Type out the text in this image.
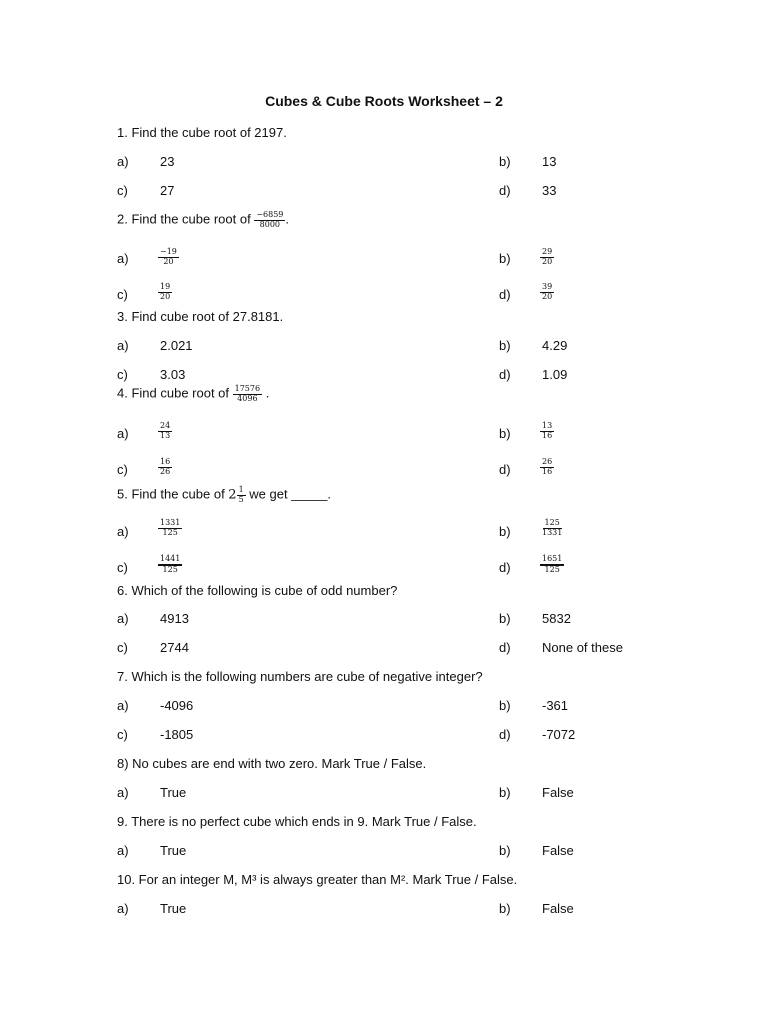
Cubes & Cube Roots Worksheet – 2
1. Find the cube root of 2197.
a) 23	b) 13
c) 27	d) 33
2. Find the cube root of $\frac{-6859}{8000}$ .
a)	$\frac{-19}{20}$	b)	$\frac{29}{20}$
c)	$\frac{19}{20}$	d)	$\frac{39}{20}$
3. Find cube root of 27.8181.
a) 2.021	b) 4.29
c) 3.03	d) 1.09
4. Find cube root of $\frac{17576}{4096}$ .
a)	$\frac{24}{13}$	b)	$\frac{13}{16}$
c)	$\frac{16}{26}$	d)	$\frac{26}{16}$
5. Find the cube of $2 \frac{1}{5}$ we get _____.
a)	$\frac{1331}{125}$	b)	$\frac{125}{1331}$
c)	$\frac{1441}{125}$	d)	$\frac{1651}{125}$
6. Which of the following is cube of odd number?
a) 4913	b) 5832
c) 2744	d) None of these
7. Which is the following numbers are cube of negative integer?
a) -4096	b) -361
c) -1805	d) -7072
8) No cubes are end with two zero. Mark True / False.
a) True	b) False
9. There is no perfect cube which ends in 9. Mark True / False.
a) True	b) False
10. For an integer M, M³ is always greater than M². Mark True / False.
a) True	b) False
